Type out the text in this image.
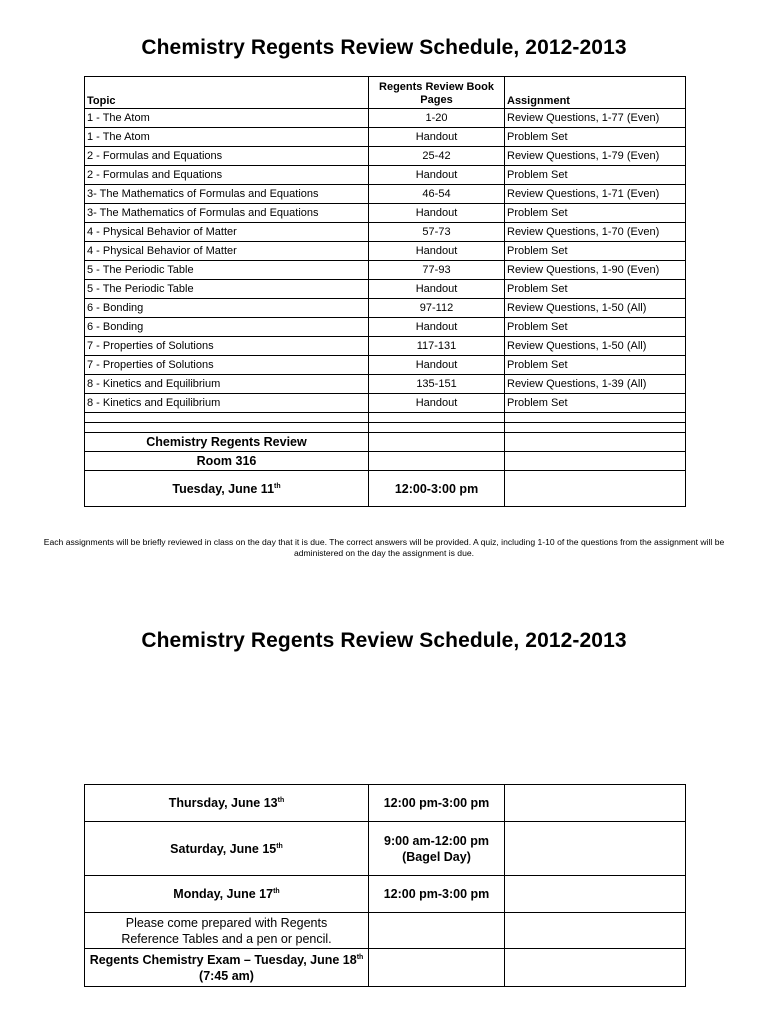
Chemistry Regents Review Schedule, 2012-2013
Topic	Regents Review Book Pages	Assignment
1 - The Atom	1-20	Review Questions, 1-77 (Even)
1 - The Atom	Handout	Problem Set
2 - Formulas and Equations	25-42	Review Questions, 1-79 (Even)
2 - Formulas and Equations	Handout	Problem Set
3- The Mathematics of Formulas and Equations	46-54	Review Questions, 1-71 (Even)
3- The Mathematics of Formulas and Equations	Handout	Problem Set
4 - Physical Behavior of Matter	57-73	Review Questions, 1-70 (Even)
4 - Physical Behavior of Matter	Handout	Problem Set
5 - The Periodic Table	77-93	Review Questions, 1-90 (Even)
5 - The Periodic Table	Handout	Problem Set
6 - Bonding	97-112	Review Questions, 1-50 (All)
6 - Bonding	Handout	Problem Set
7 - Properties of Solutions	117-131	Review Questions, 1-50 (All)
7 - Properties of Solutions	Handout	Problem Set
8 - Kinetics and Equilibrium	135-151	Review Questions, 1-39 (All)
8 - Kinetics and Equilibrium	Handout	Problem Set

Chemistry Regents Review		
Room 316		
Tuesday, June 11th	12:00-3:00 pm	
Each assignments will be briefly reviewed in class on the day that it is due. The correct answers will be provided. A quiz, including 1-10 of the questions from the assignment will be administered on the day the assignment is due.
Chemistry Regents Review Schedule, 2012-2013
Thursday, June 13th	12:00 pm-3:00 pm	
Saturday, June 15th	9:00 am-12:00 pm (Bagel Day)	
Monday, June 17th	12:00 pm-3:00 pm	
Please come prepared with Regents Reference Tables and a pen or pencil.		
Regents Chemistry Exam – Tuesday, June 18th (7:45 am)		
